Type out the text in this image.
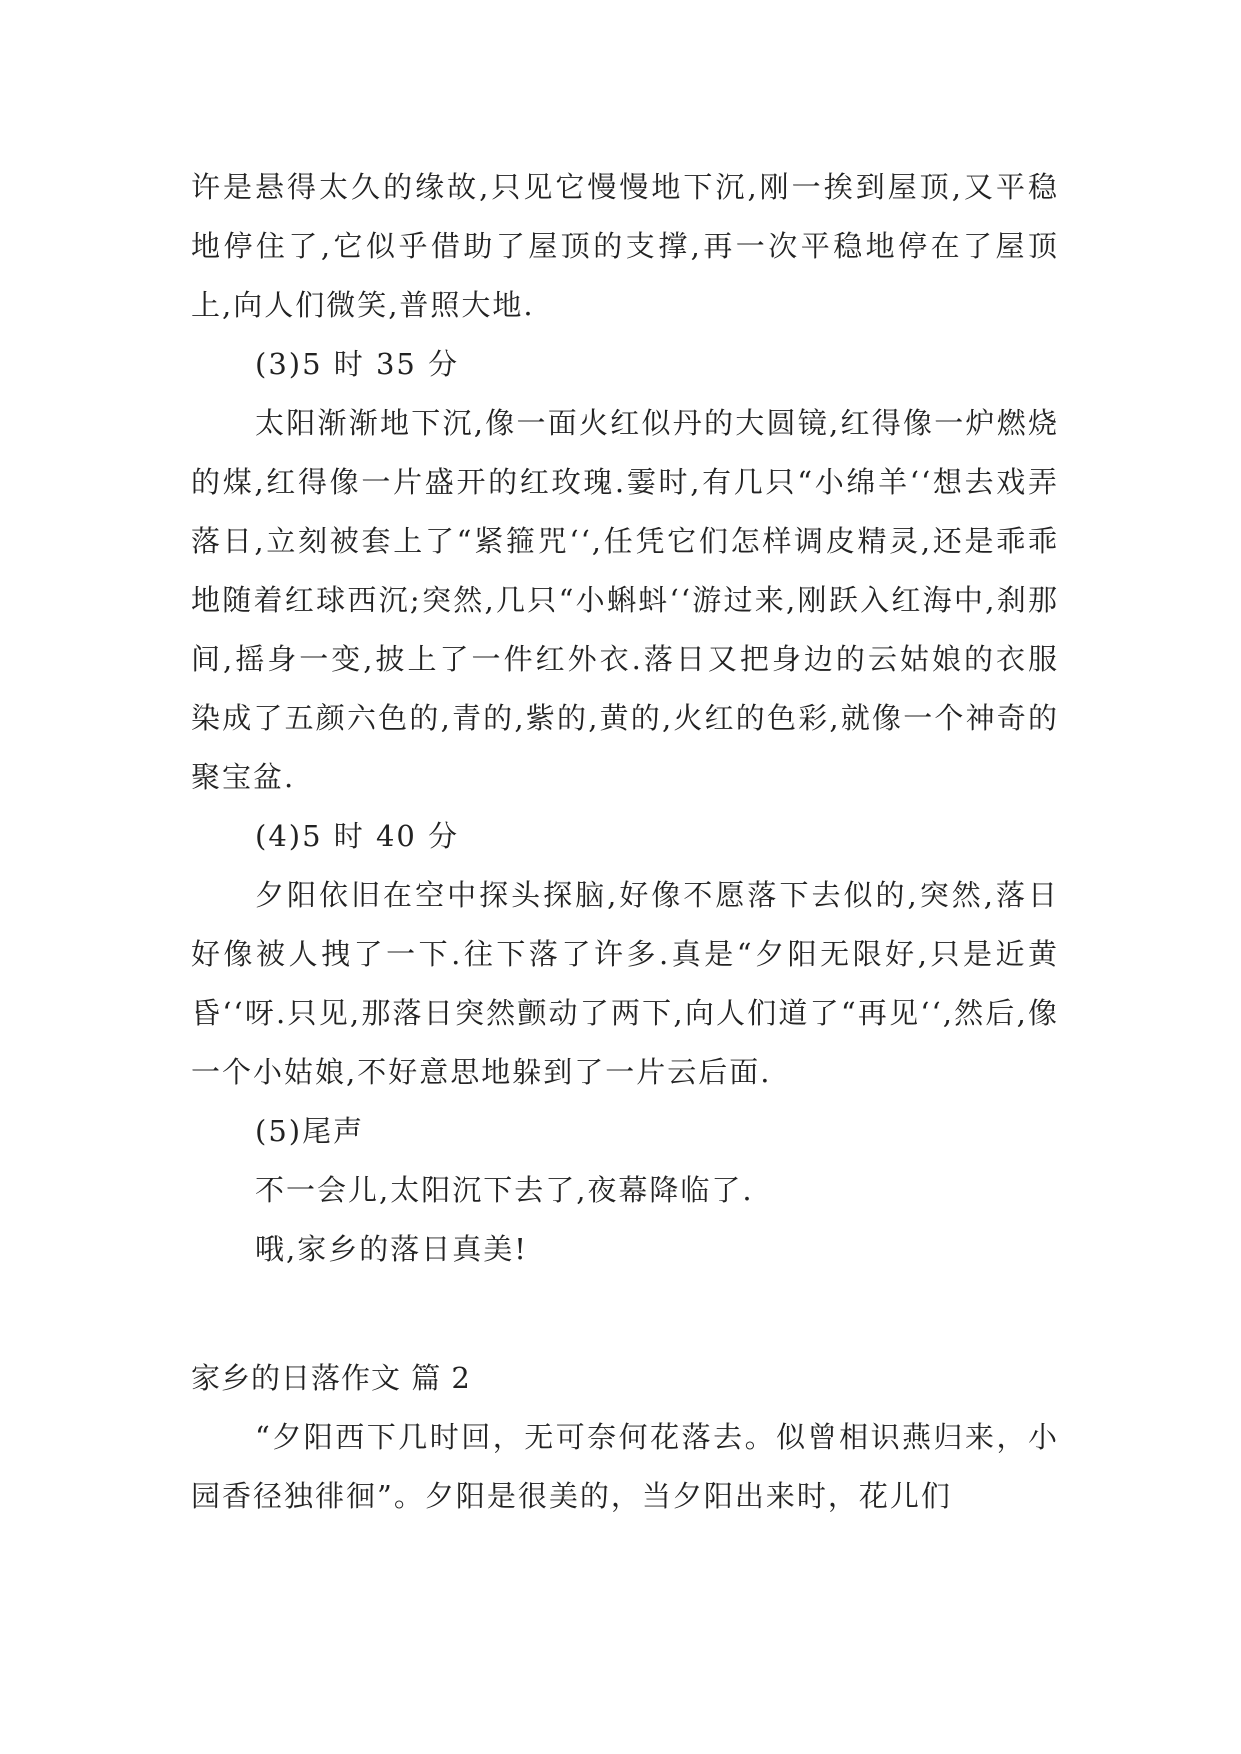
许是悬得太久的缘故,只见它慢慢地下沉,刚一挨到屋顶,又平稳地停住了,它似乎借助了屋顶的支撑,再一次平稳地停在了屋顶上,向人们微笑,普照大地.

(3)5 时 35 分

太阳渐渐地下沉,像一面火红似丹的大圆镜,红得像一炉燃烧的煤,红得像一片盛开的红玫瑰.霎时,有几只“小绵羊‘‘想去戏弄落日,立刻被套上了“紧箍咒‘‘,任凭它们怎样调皮精灵,还是乖乖地随着红球西沉;突然,几只“小蝌蚪‘‘游过来,刚跃入红海中,刹那间,摇身一变,披上了一件红外衣.落日又把身边的云姑娘的衣服染成了五颜六色的,青的,紫的,黄的,火红的色彩,就像一个神奇的聚宝盆.

(4)5 时 40 分

夕阳依旧在空中探头探脑,好像不愿落下去似的,突然,落日好像被人拽了一下.往下落了许多.真是“夕阳无限好,只是近黄昏‘‘呀.只见,那落日突然颤动了两下,向人们道了“再见‘‘,然后,像一个小姑娘,不好意思地躲到了一片云后面.

(5)尾声

不一会儿,太阳沉下去了,夜幕降临了.

哦,家乡的落日真美!

家乡的日落作文 篇 2

“夕阳西下几时回，无可奈何花落去。似曾相识燕归来，小园香径独徘徊”。夕阳是很美的，当夕阳出来时，花儿们
